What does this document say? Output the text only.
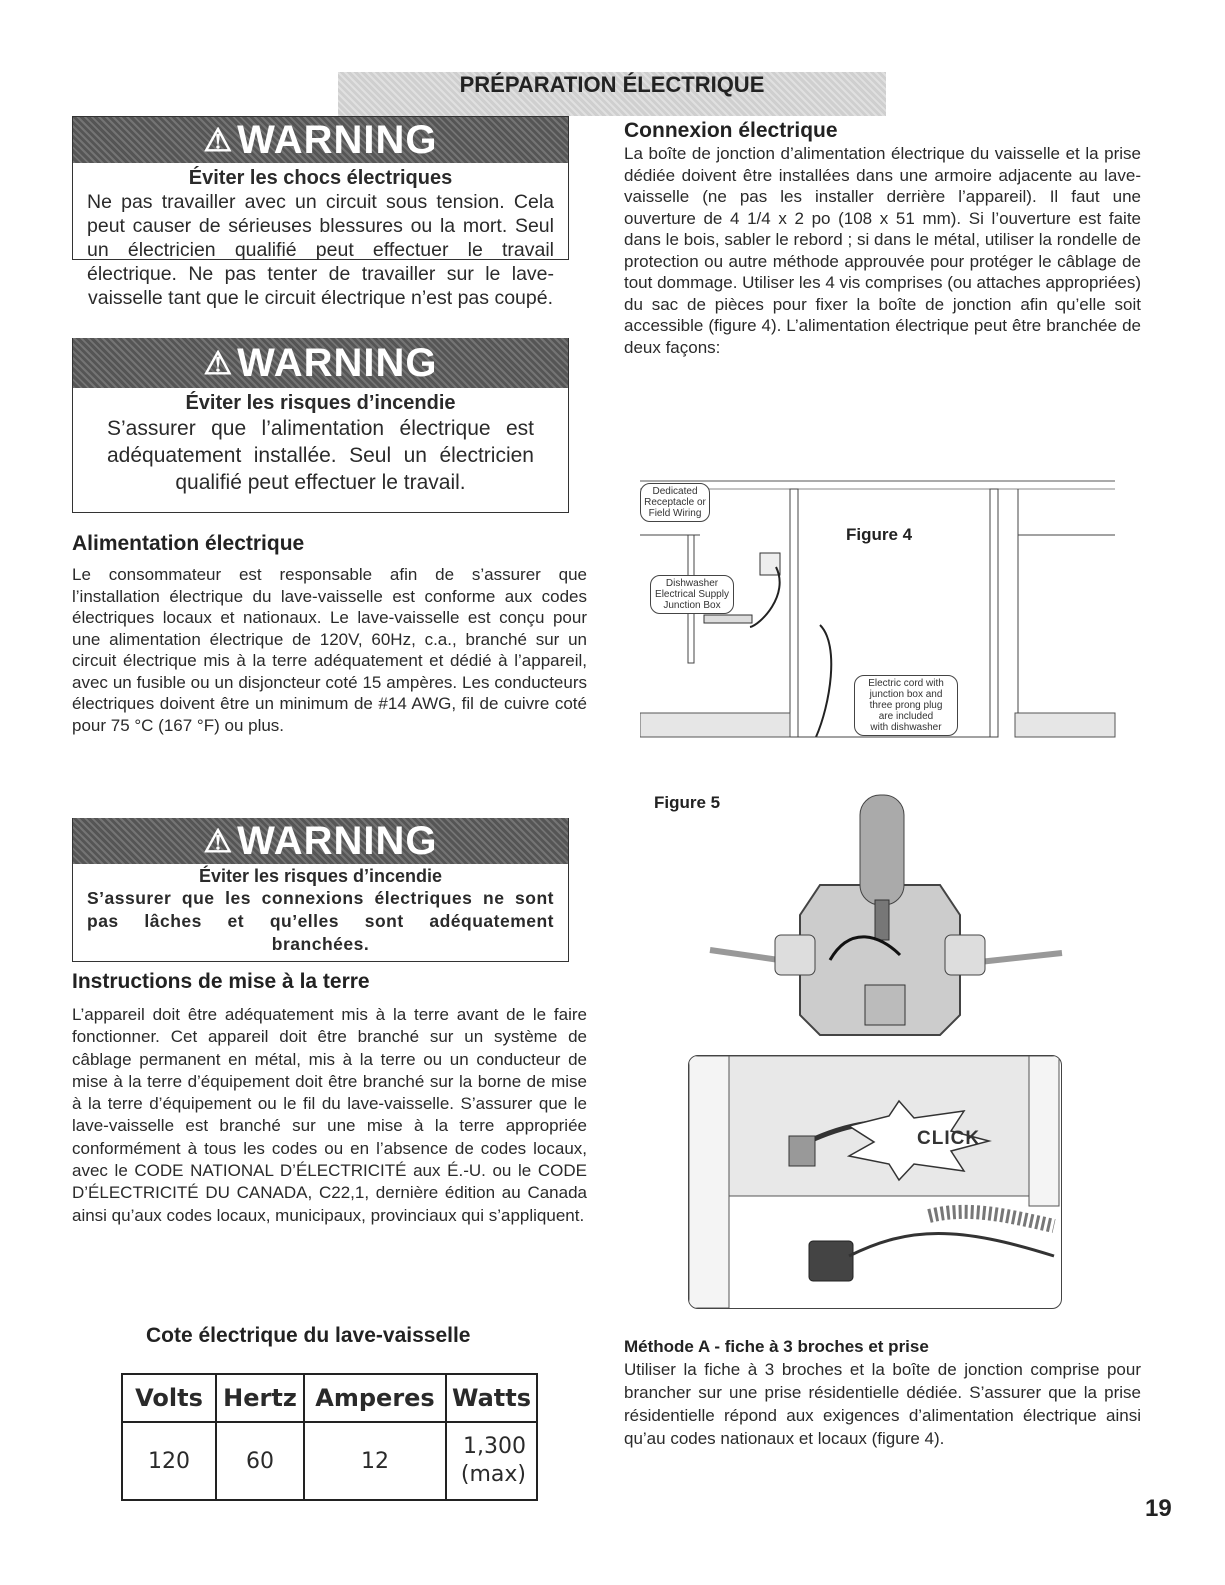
PRÉPARATION ÉLECTRIQUE
⚠ WARNING
Éviter les chocs électriques
Ne pas travailler avec un circuit sous tension. Cela peut causer de sérieuses blessures ou la mort. Seul un électricien qualifié peut effectuer le travail électrique. Ne pas tenter de travailler sur le lave-vaisselle tant que le circuit électrique n’est pas coupé.
⚠ WARNING
Éviter les risques d’incendie
S’assurer que l’alimentation électrique est adéquatement installée. Seul un électricien qualifié peut effectuer le travail.
Alimentation électrique
Le consommateur est responsable afin de s’assurer que l’installation électrique du lave-vaisselle est conforme aux codes électriques locaux et nationaux. Le lave-vaisselle est conçu pour une alimentation électrique de 120V, 60Hz, c.a., branché sur un circuit électrique mis à la terre adéquatement et dédié à l’appareil, avec un fusible ou un disjoncteur coté 15 ampères. Les conducteurs électriques doivent être un minimum de #14 AWG, fil de cuivre coté pour 75 °C (167 °F) ou plus.
⚠ WARNING
Éviter les risques d’incendie
S’assurer que les connexions électriques ne sont pas lâches et qu’elles sont adéquatement branchées.
Instructions de mise à la terre
L’appareil doit être adéquatement mis à la terre avant de le faire fonctionner. Cet appareil doit être branché sur un système de câblage permanent en métal, mis à la terre ou un conducteur de mise à la terre d’équipement doit être branché sur la borne de mise à la terre d’équipement ou le fil du lave-vaisselle. S’assurer que le lave-vaisselle est branché sur une mise à la terre appropriée conformément à tous les codes ou en l’absence de codes locaux, avec le CODE NATIONAL D’ÉLECTRICITÉ aux É.-U. ou le CODE D’ÉLECTRICITÉ DU CANADA, C22,1, dernière édition au Canada ainsi qu’aux codes locaux, municipaux, provinciaux qui s’appliquent.
Cote électrique du lave-vaisselle
Volts	Hertz	Amperes	Watts
120	60	12	1,300
(max)
Connexion électrique
La boîte de jonction d’alimentation électrique du vaisselle et la prise dédiée doivent être installées dans une armoire adjacente au lave-vaisselle (ne pas les installer derrière l’appareil). Il faut une ouverture de 4 1/4 x 2 po (108 x 51 mm). Si l’ouverture est faite dans le bois, sabler le rebord ; si dans le métal, utiliser la rondelle de protection ou autre méthode approuvée pour protéger le câblage de tout dommage. Utiliser les 4 vis comprises (ou attaches appropriées) du sac de pièces pour fixer la boîte de jonction afin qu’elle soit accessible (figure 4). L’alimentation électrique peut être branchée de deux façons:
Dedicated
Receptacle or
Field Wiring
Dishwasher
Electrical Supply
Junction Box
Electric cord with
junction box and
three prong plug
are included
with dishwasher
Figure 4
Figure 5
CLICK
Méthode A - fiche à 3 broches et prise
Utiliser la fiche à 3 broches et la boîte de jonction comprise pour brancher sur une prise résidentielle dédiée. S’assurer que la prise résidentielle répond aux exigences d’alimentation électrique ainsi qu’au codes nationaux et locaux (figure 4).
19
